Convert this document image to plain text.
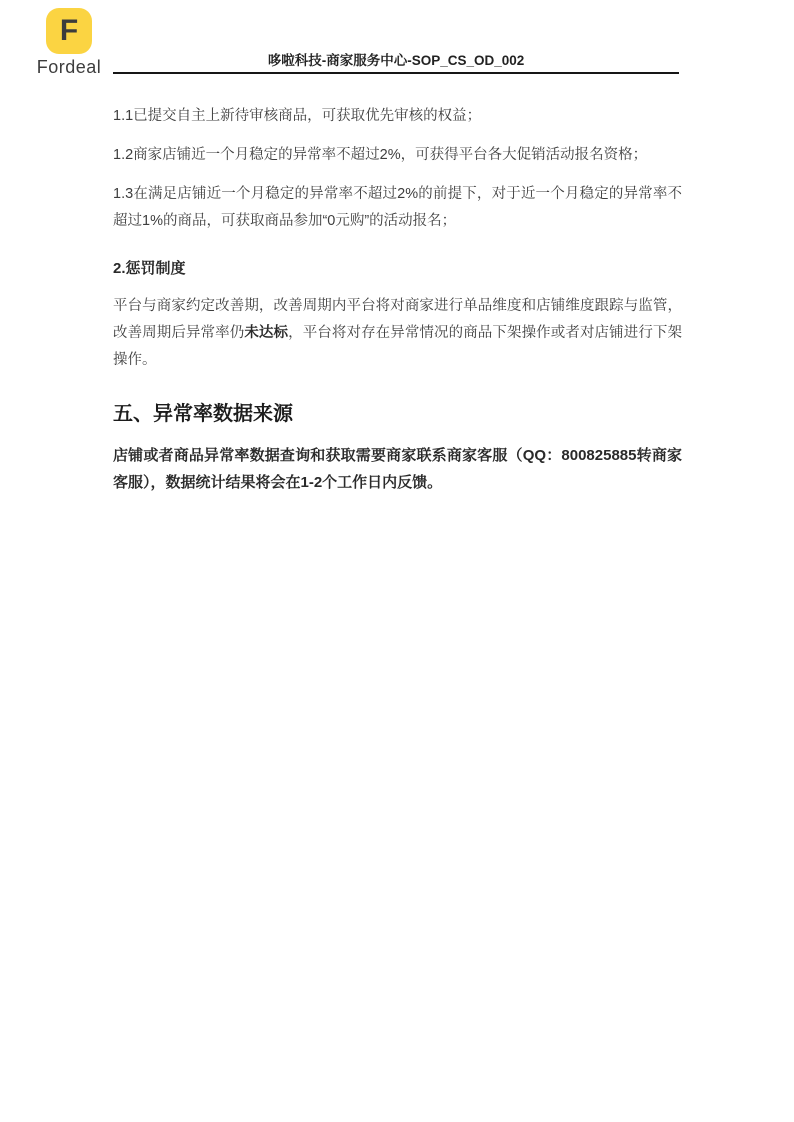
F
Fordeal	哆啦科技-商家服务中心-SOP_CS_OD_002

1.1已提交自主上新待审核商品，可获取优先审核的权益；

1.2商家店铺近一个月稳定的异常率不超过2%，可获得平台各大促销活动报名资格；

1.3在满足店铺近一个月稳定的异常率不超过2%的前提下，对于近一个月稳定的异常率不超过1%的商品，可获取商品参加“0元购”的活动报名；

2.惩罚制度

平台与商家约定改善期，改善周期内平台将对商家进行单品维度和店铺维度跟踪与监管，改善周期后异常率仍未达标，平台将对存在异常情况的商品下架操作或者对店铺进行下架操作。

五、异常率数据来源

店铺或者商品异常率数据查询和获取需要商家联系商家客服（QQ：800825885转商家客服），数据统计结果将会在1-2个工作日内反馈。
